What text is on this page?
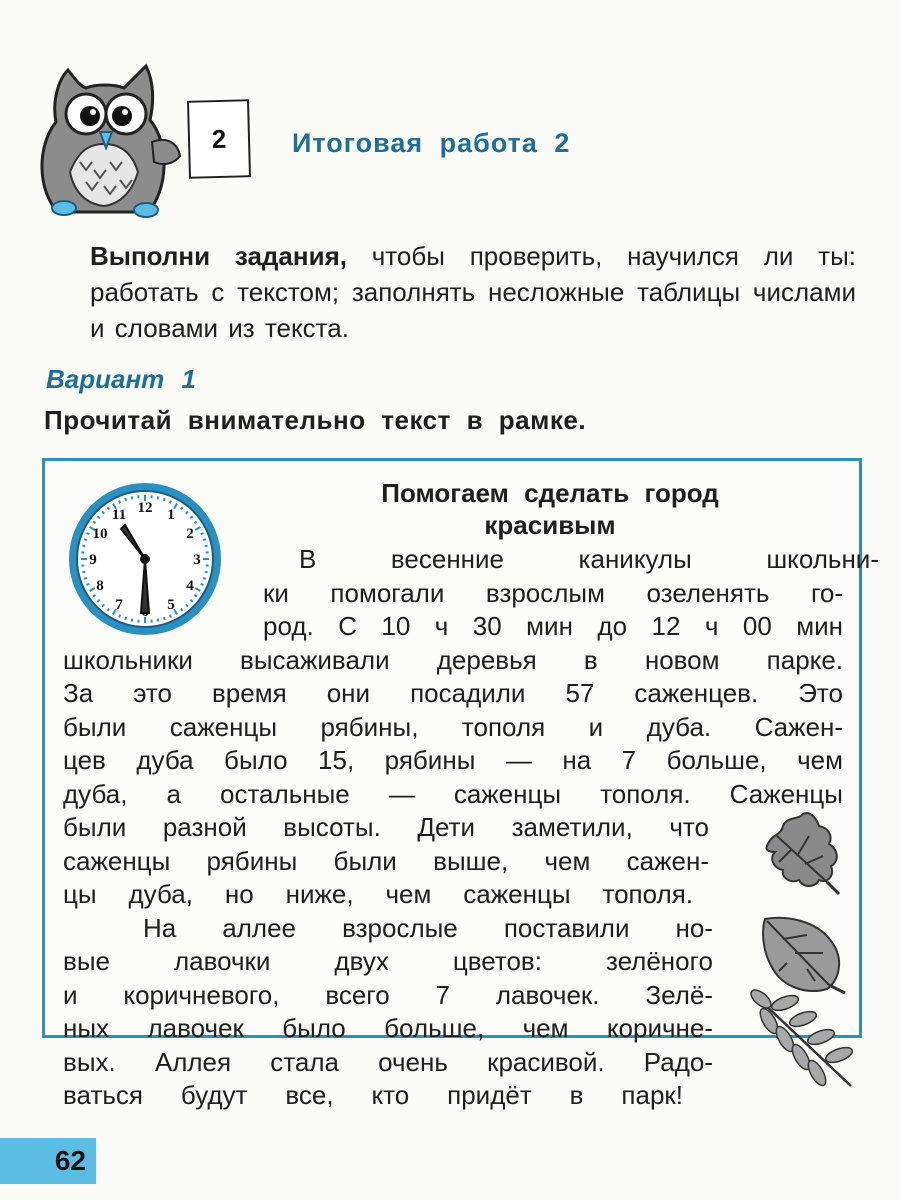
2	Итоговая работа 2
Выполни задания, чтобы проверить, научился ли ты: работать с текстом; заполнять несложные таблицы числами и словами из текста.
Вариант 1
Прочитай внимательно текст в рамке.
12 1
2
3
4
5
7
8
9
10
11
Помогаем сделать город
красивым
В весенние каникулы школьни-
ки помогали взрослым озеленять го-
род. С 10 ч 30 мин до 12 ч 00 мин
школьники высаживали деревья в новом парке.
За это время они посадили 57 саженцев. Это
были саженцы рябины, тополя и дуба. Сажен-
цев дуба было 15, рябины — на 7 больше, чем
дуба, а остальные — саженцы тополя. Саженцы
были разной высоты. Дети заметили, что
саженцы рябины были выше, чем сажен-
цы дуба, но ниже, чем саженцы тополя.
На аллее взрослые поставили но-
вые лавочки двух цветов: зелёного
и коричневого, всего 7 лавочек. Зелё-
ных лавочек было больше, чем коричне-
вых. Аллея стала очень красивой. Радо-
ваться будут все, кто придёт в парк!
62
